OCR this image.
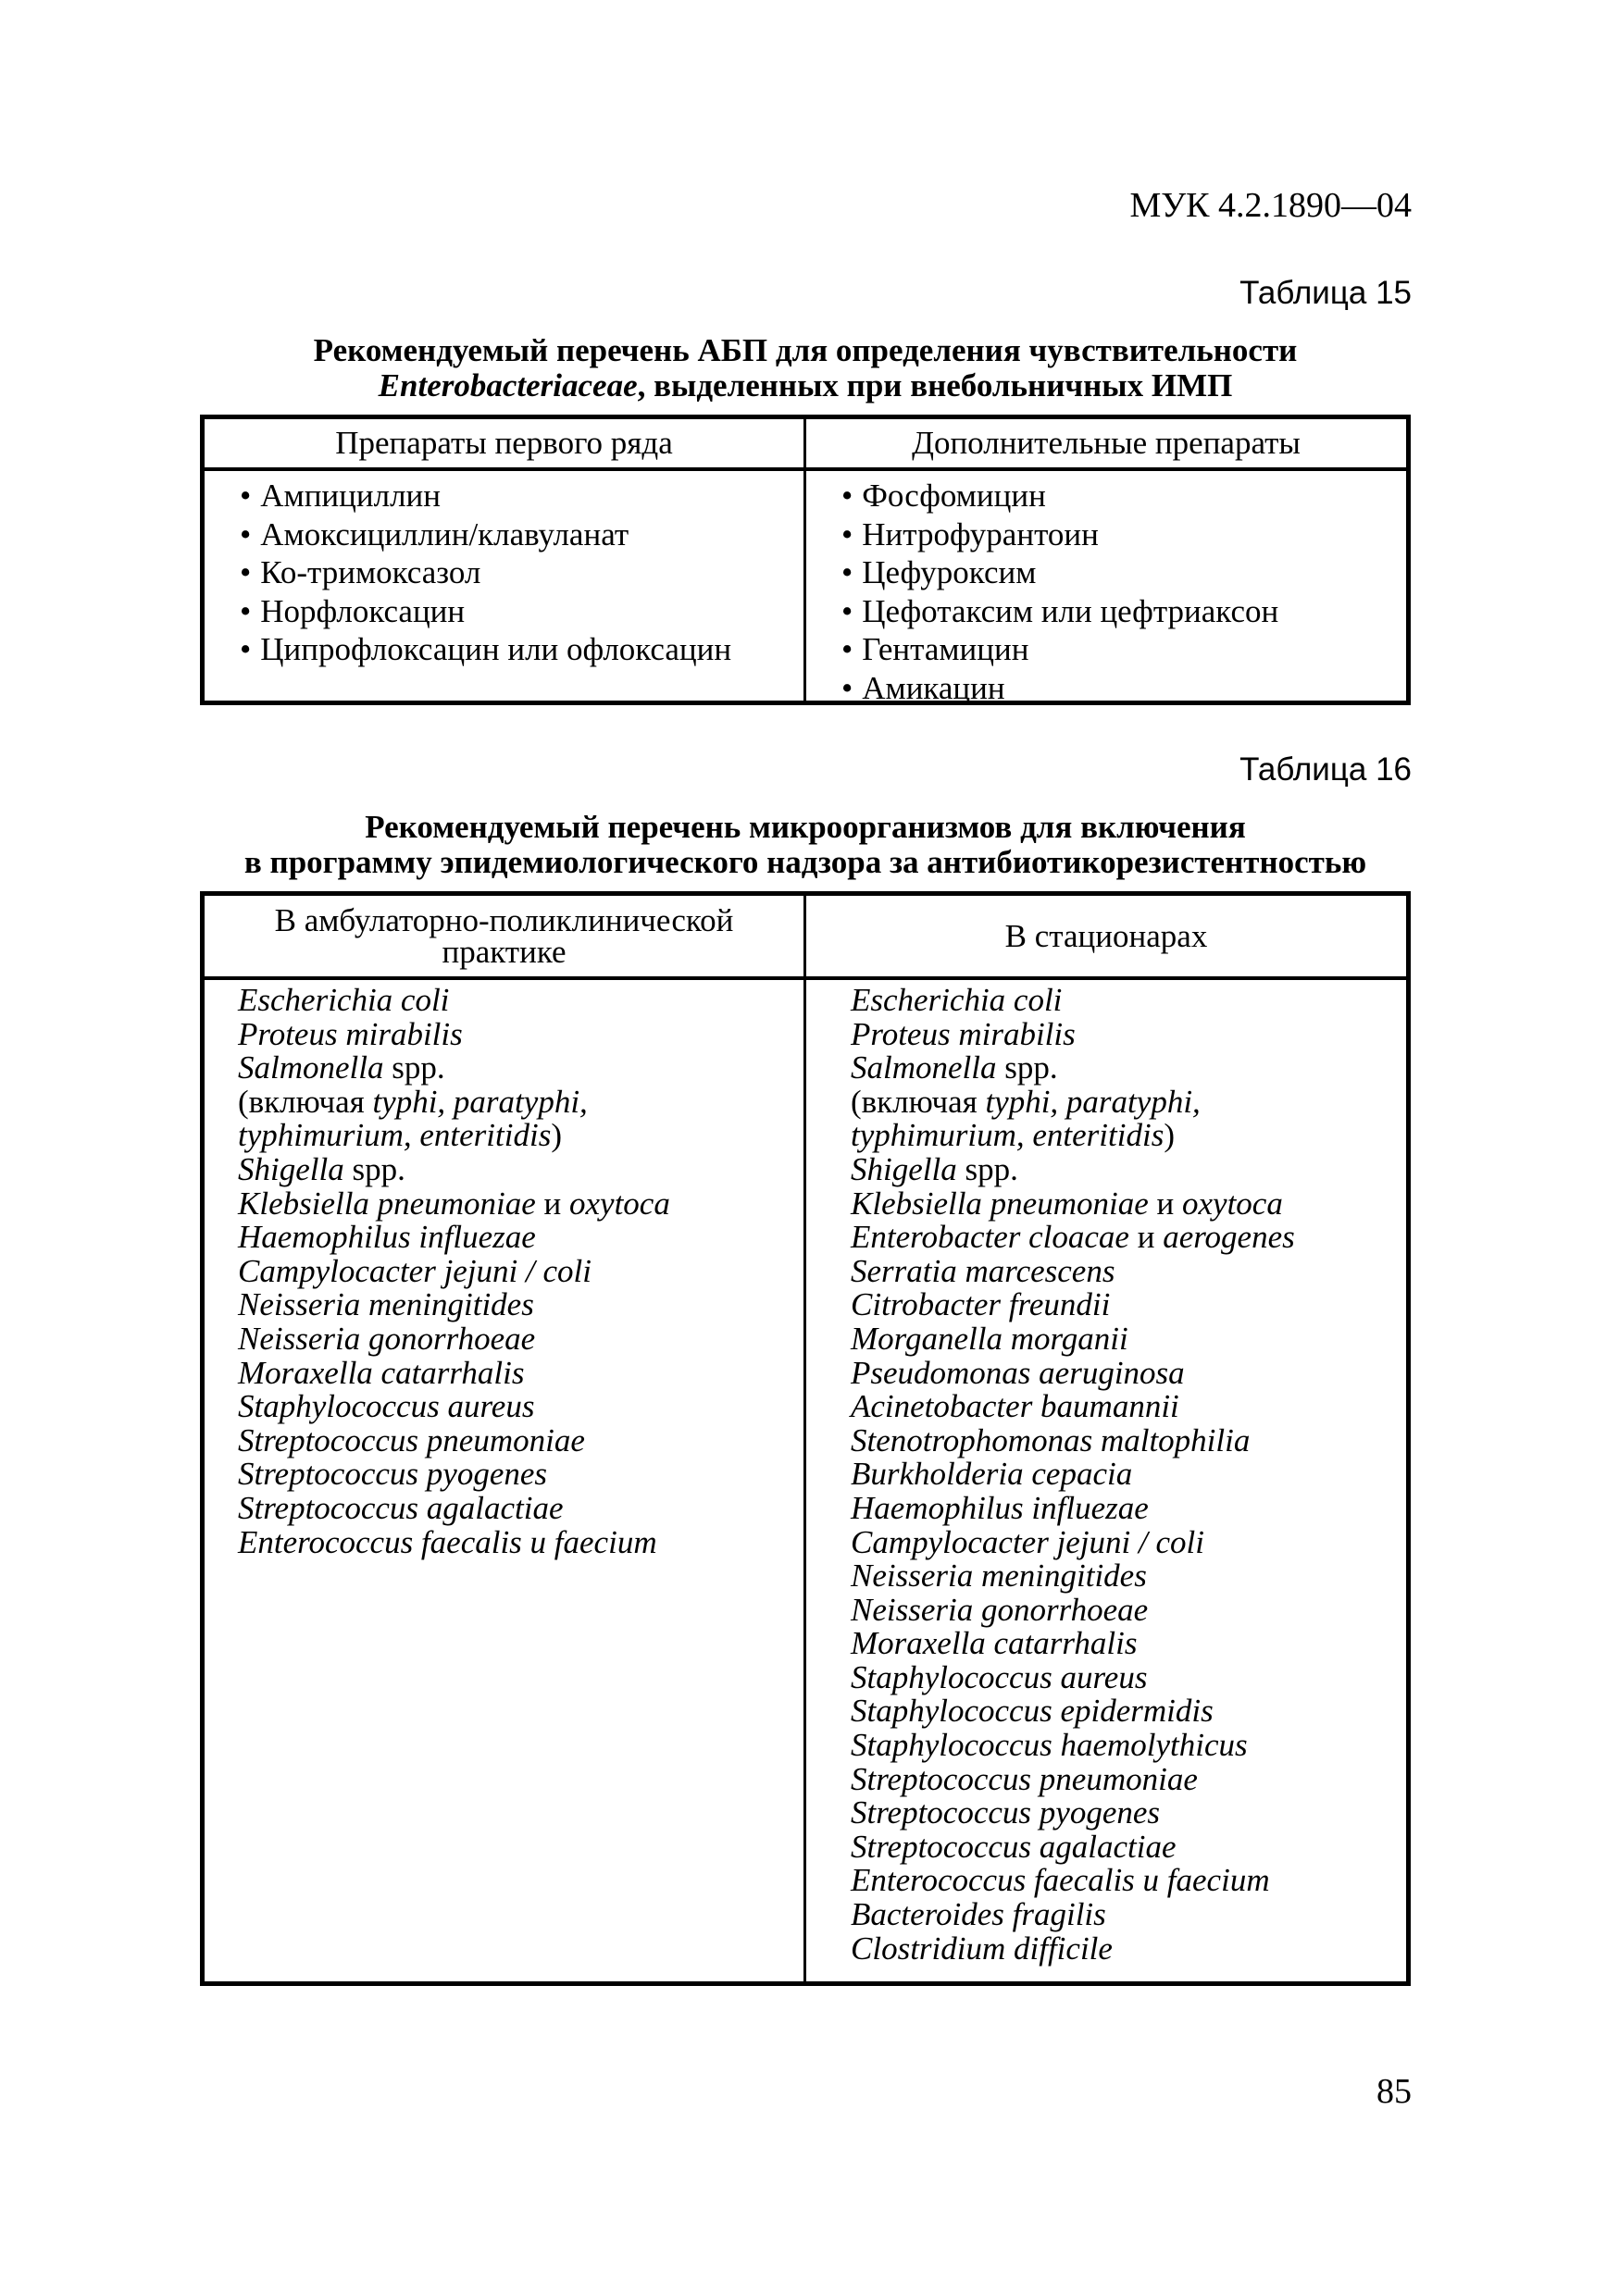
МУК 4.2.1890—04
Таблица 15
Рекомендуемый перечень АБП для определения чувствительности
Enterobacteriaceae, выделенных при внебольничных ИМП
Препараты первого ряда	Дополнительные препараты
• Ампициллин
• Амоксициллин/клавуланат
• Ко-тримоксазол
• Норфлоксацин
• Ципрофлоксацин или офлоксацин
• Фосфомицин
• Нитрофурантоин
• Цефуроксим
• Цефотаксим или цефтриаксон
• Гентамицин
• Амикацин
Таблица 16
Рекомендуемый перечень микроорганизмов для включения
в программу эпидемиологического надзора за антибиотикорезистентностью
В амбулаторно-поликлинической
практике	В стационарах
Escherichia coli
Proteus mirabilis
Salmonella spp.
(включая typhi, paratyphi,
typhimurium, enteritidis)
Shigella spp.
Klebsiella pneumoniae и oxytoca
Haemophilus influezae
Campylocacter jejuni / coli
Neisseria meningitides
Neisseria gonorrhoeae
Moraxella catarrhalis
Staphylococcus aureus
Streptococcus pneumoniae
Streptococcus pyogenes
Streptococcus agalactiae
Enterococcus faecalis u faecium
Escherichia coli
Proteus mirabilis
Salmonella spp.
(включая typhi, paratyphi,
typhimurium, enteritidis)
Shigella spp.
Klebsiella pneumoniae и oxytoca
Enterobacter cloacae и aerogenes
Serratia marcescens
Citrobacter freundii
Morganella morganii
Pseudomonas aeruginosa
Acinetobacter baumannii
Stenotrophomonas maltophilia
Burkholderia cepacia
Haemophilus influezae
Campylocacter jejuni / coli
Neisseria meningitides
Neisseria gonorrhoeae
Moraxella catarrhalis
Staphylococcus aureus
Staphylococcus epidermidis
Staphylococcus haemolythicus
Streptococcus pneumoniae
Streptococcus pyogenes
Streptococcus agalactiae
Enterococcus faecalis u faecium
Bacteroides fragilis
Clostridium difficile
85
